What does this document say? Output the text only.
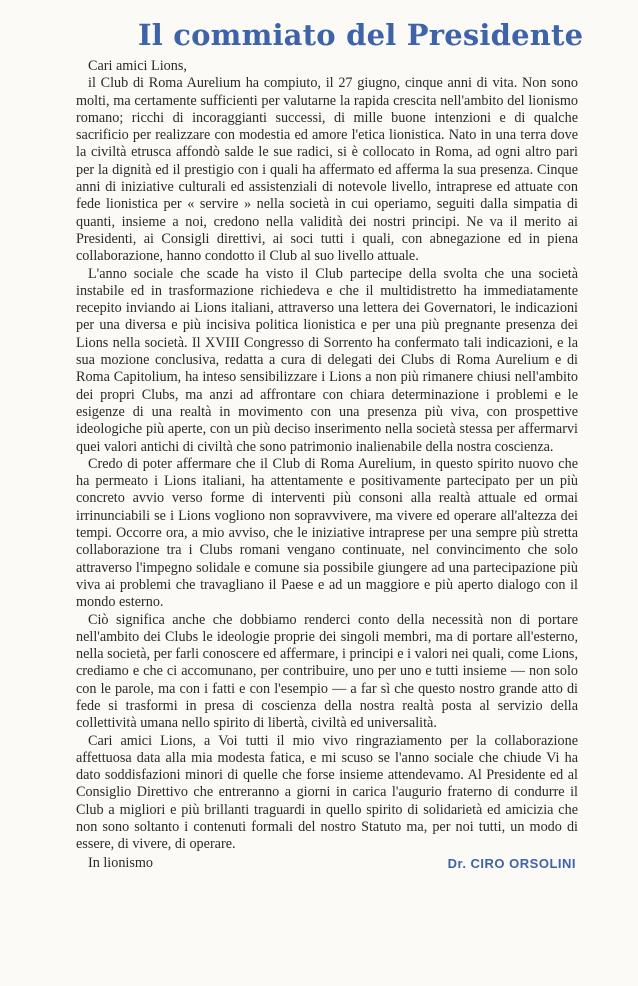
Il commiato del Presidente
Cari amici Lions,

il Club di Roma Aurelium ha compiuto, il 27 giugno, cinque anni di vita. Non sono molti, ma certamente sufficienti per valutarne la rapida crescita nell'ambito del lionismo romano; ricchi di incoraggianti successi, di mille buone intenzioni e di qualche sacrificio per realizzare con modestia ed amore l'etica lionistica. Nato in una terra dove la civiltà etrusca affondò salde le sue radici, si è collocato in Roma, ad ogni altro pari per la dignità ed il prestigio con i quali ha affermato ed afferma la sua presenza. Cinque anni di iniziative culturali ed assistenziali di notevole livello, intraprese ed attuate con fede lionistica per « servire » nella società in cui operiamo, seguiti dalla simpatia di quanti, insieme a noi, credono nella validità dei nostri principi. Ne va il merito ai Presidenti, ai Consigli direttivi, ai soci tutti i quali, con abnegazione ed in piena collaborazione, hanno condotto il Club al suo livello attuale.

L'anno sociale che scade ha visto il Club partecipe della svolta che una società instabile ed in trasformazione richiedeva e che il multidistretto ha immediatamente recepito inviando ai Lions italiani, attraverso una lettera dei Governatori, le indicazioni per una diversa e più incisiva politica lionistica e per una più pregnante presenza dei Lions nella società. Il XVIII Congresso di Sorrento ha confermato tali indicazioni, e la sua mozione conclusiva, redatta a cura di delegati dei Clubs di Roma Aurelium e di Roma Capitolium, ha inteso sensibilizzare i Lions a non più rimanere chiusi nell'ambito dei propri Clubs, ma anzi ad affrontare con chiara determinazione i problemi e le esigenze di una realtà in movimento con una presenza più viva, con prospettive ideologiche più aperte, con un più deciso inserimento nella società stessa per affermarvi quei valori antichi di civiltà che sono patrimonio inalienabile della nostra coscienza.

Credo di poter affermare che il Club di Roma Aurelium, in questo spirito nuovo che ha permeato i Lions italiani, ha attentamente e positivamente partecipato per un più concreto avvio verso forme di interventi più consoni alla realtà attuale ed ormai irrinunciabili se i Lions vogliono non sopravvivere, ma vivere ed operare all'altezza dei tempi. Occorre ora, a mio avviso, che le iniziative intraprese per una sempre più stretta collaborazione tra i Clubs romani vengano continuate, nel convincimento che solo attraverso l'impegno solidale e comune sia possibile giungere ad una partecipazione più viva ai problemi che travagliano il Paese e ad un maggiore e più aperto dialogo con il mondo esterno.

Ciò significa anche che dobbiamo renderci conto della necessità non di portare nell'ambito dei Clubs le ideologie proprie dei singoli membri, ma di portare all'esterno, nella società, per farli conoscere ed affermare, i principi e i valori nei quali, come Lions, crediamo e che ci accomunano, per contribuire, uno per uno e tutti insieme — non solo con le parole, ma con i fatti e con l'esempio — a far sì che questo nostro grande atto di fede si trasformi in presa di coscienza della nostra realtà posta al servizio della collettività umana nello spirito di libertà, civiltà ed universalità.

Cari amici Lions, a Voi tutti il mio vivo ringraziamento per la collaborazione affettuosa data alla mia modesta fatica, e mi scuso se l'anno sociale che chiude Vi ha dato soddisfazioni minori di quelle che forse insieme attendevamo. Al Presidente ed al Consiglio Direttivo che entreranno a giorni in carica l'augurio fraterno di condurre il Club a migliori e più brillanti traguardi in quello spirito di solidarietà ed amicizia che non sono soltanto i contenuti formali del nostro Statuto ma, per noi tutti, un modo di essere, di vivere, di operare.

In lionismo	Dr. CIRO ORSOLINI
